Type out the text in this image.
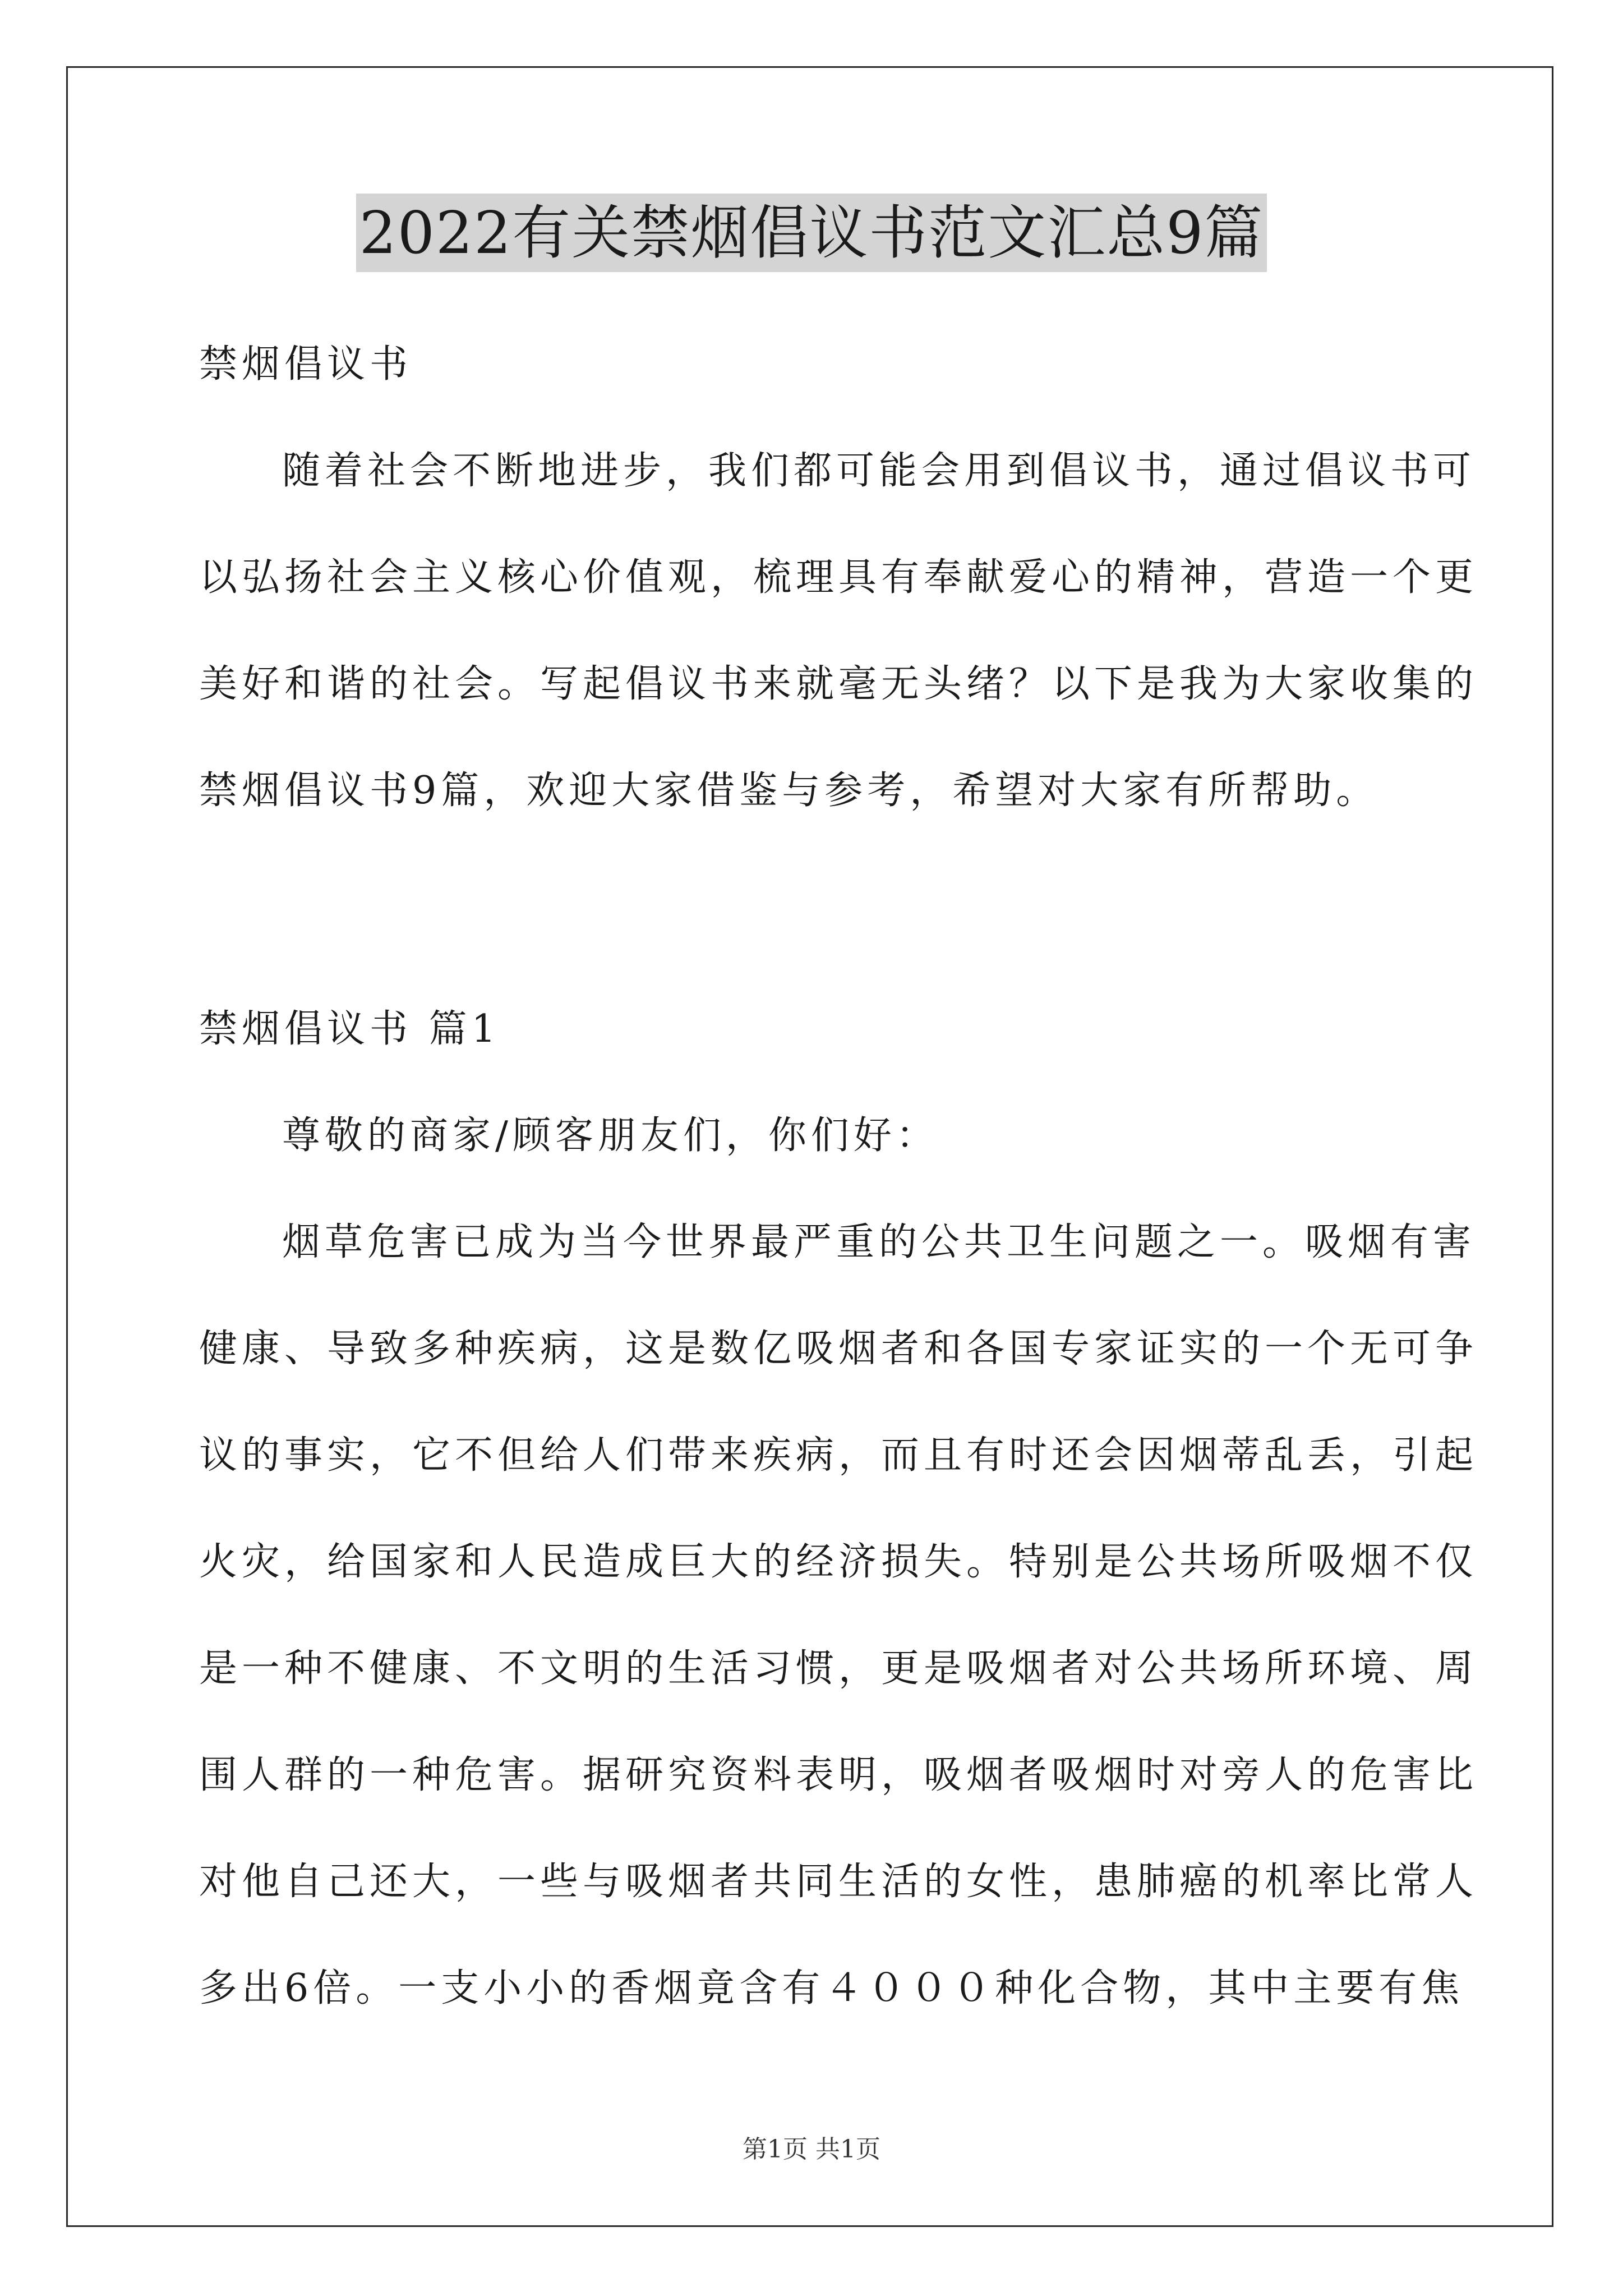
2022有关禁烟倡议书范文汇总9篇
禁烟倡议书
随着社会不断地进步，我们都可能会用到倡议书，通过倡议书可
以弘扬社会主义核心价值观，梳理具有奉献爱心的精神，营造一个更
美好和谐的社会。写起倡议书来就毫无头绪？以下是我为大家收集的
禁烟倡议书9篇，欢迎大家借鉴与参考，希望对大家有所帮助。
禁烟倡议书 篇1
尊敬的商家/顾客朋友们，你们好：
烟草危害已成为当今世界最严重的公共卫生问题之一。吸烟有害
健康、导致多种疾病，这是数亿吸烟者和各国专家证实的一个无可争
议的事实，它不但给人们带来疾病，而且有时还会因烟蒂乱丢，引起
火灾，给国家和人民造成巨大的经济损失。特别是公共场所吸烟不仅
是一种不健康、不文明的生活习惯，更是吸烟者对公共场所环境、周
围人群的一种危害。据研究资料表明，吸烟者吸烟时对旁人的危害比
对他自己还大，一些与吸烟者共同生活的女性，患肺癌的机率比常人
多出6倍。一支小小的香烟竟含有４０００种化合物，其中主要有焦
第1页 共1页
